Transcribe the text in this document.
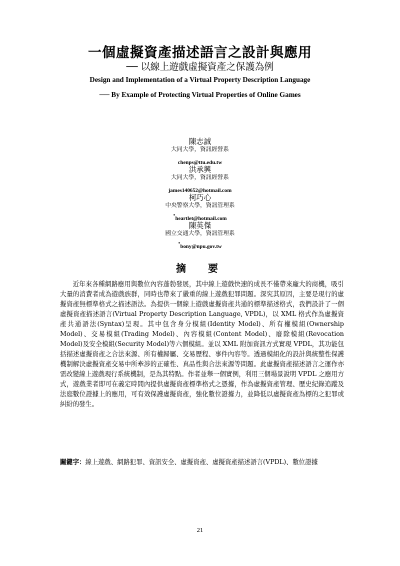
一個虛擬資產描述語言之設計與應用
── 以線上遊戲虛擬資產之保護為例
Design and Implementation of a Virtual Property Description Language
── By Example of Protecting Virtual Properties of Online Games
陳志誠
大同大學，資訊經營系
chenps@ttu.edu.tw
洪承興
大同大學，資訊經營系
james140652@hotmail.com
柯巧心
中央警察大學，資訊管理系
*heartlet@hotmail.com
陳英傑
國立交通大學，資訊管理系
*bony@npu.gov.tw
摘　要
近年來各種網路應用與數位內容蓬勃發展，其中線上遊戲快速的成長不僅帶來龐大的商機，吸引大量的消費者成為遊戲族群，同時也帶來了嚴重的線上遊戲犯罪問題。深究其原因，主要是現行的虛擬資產無標準格式之描述語法。為提供一個線上遊戲虛擬資產共通的標準描述格式，我們設計了一個虛擬資產描述語言(Virtual Property Description Language, VPDL)，以 XML 格式作為虛擬資產共通語法(Syntax)呈現。其中包含身分模組(Identity Model)、所有權模組(Ownership Model)、交易模組(Trading Model)、內容模組(Content Model)、廢除模組(Revocation Model)及安全模組(Security Model)等六個模組。並以 XML 附加資訊方式實現 VPDL，其功能包括描述虛擬資產之合法來源、所有權歸屬、交易歷程、事件內容等。透過模組化的設計與統整性保護機制解決虛擬資產交易中所牽涉的正確性、真品性與合法來源等問題。此虛擬資產描述語言之運作亦需改變線上遊戲現行系統機制，是為其特點。作者並舉一個實例，利用三個場景說明 VPDL 之應用方式，遊戲業者即可在義定時間內提供虛擬資產標準格式之憑據，作為虛擬資產管理、歷史紀錄追蹤及法庭數位證據上的應用，可有效保護虛擬資產，強化數位證據力，並降低以虛擬資產為標的之犯罪或糾紛的發生。
關鍵字：線上遊戲、網路犯罪、資訊安全、虛擬資產、虛擬資產描述語言(VPDL)、數位證據
21
